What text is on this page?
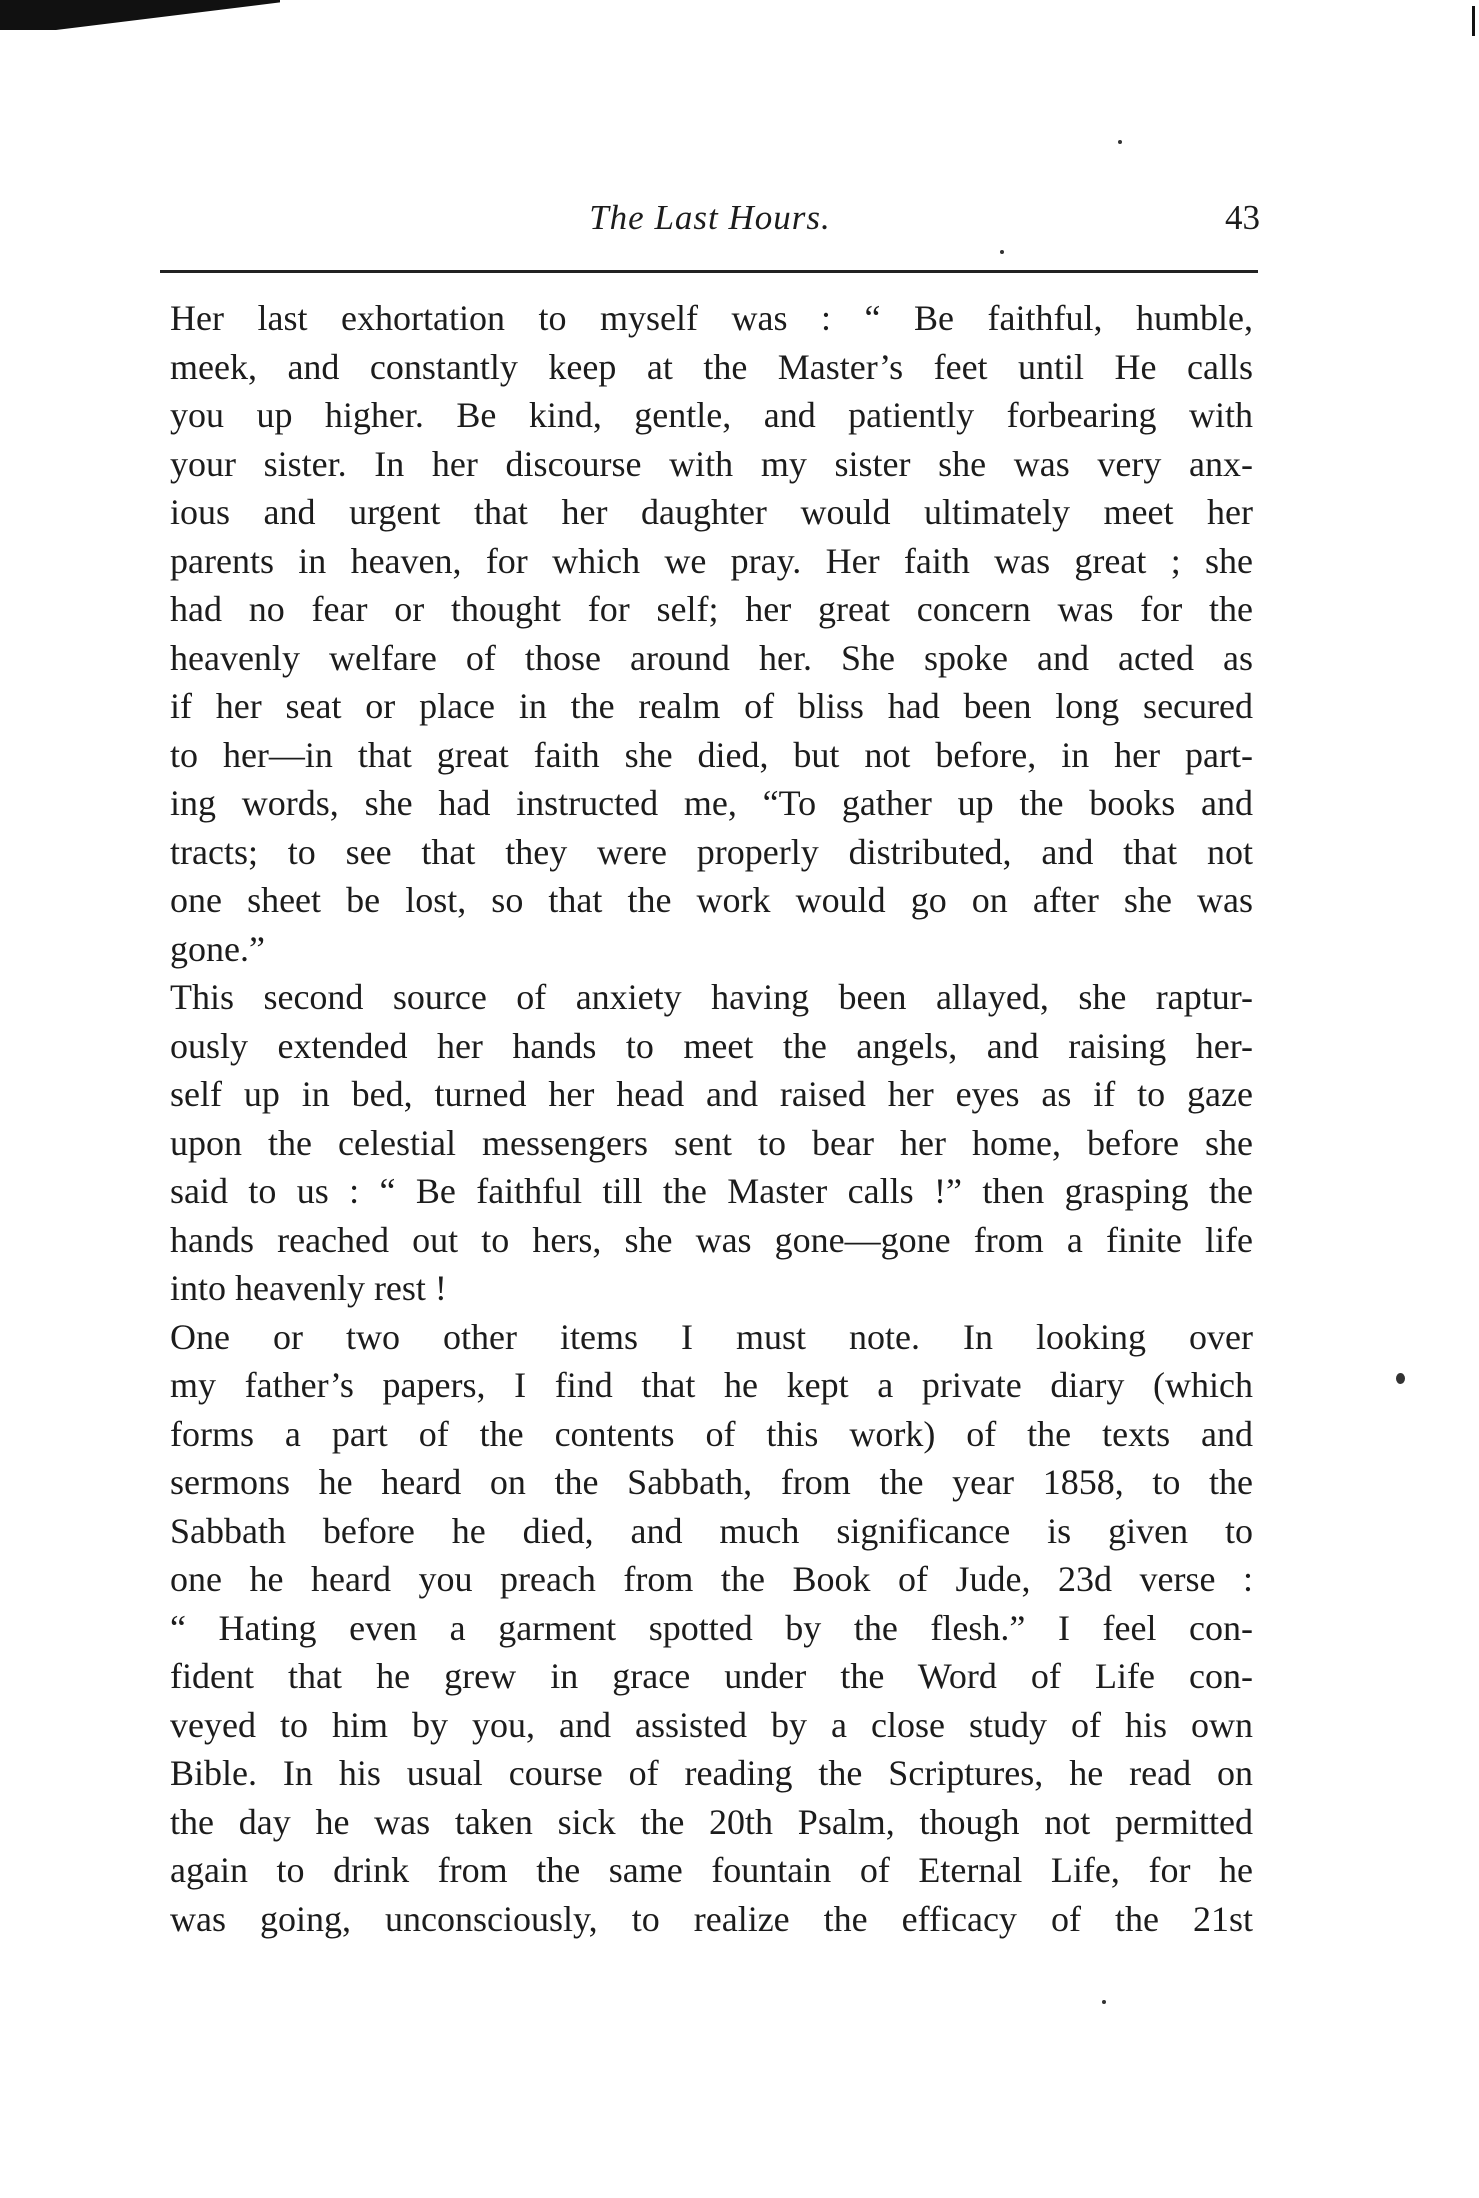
The Last Hours.	43

Her last exhortation to myself was : “ Be faithful, humble,
meek, and constantly keep at the Master’s feet until He calls
you up higher. Be kind, gentle, and patiently forbearing with
your sister. In her discourse with my sister she was very anx-
ious and urgent that her daughter would ultimately meet her
parents in heaven, for which we pray. Her faith was great ; she
had no fear or thought for self; her great concern was for the
heavenly welfare of those around her. She spoke and acted as
if her seat or place in the realm of bliss had been long secured
to her—in that great faith she died, but not before, in her part-
ing words, she had instructed me, “To gather up the books and
tracts; to see that they were properly distributed, and that not
one sheet be lost, so that the work would go on after she was
gone.”

This second source of anxiety having been allayed, she raptur-
ously extended her hands to meet the angels, and raising her-
self up in bed, turned her head and raised her eyes as if to gaze
upon the celestial messengers sent to bear her home, before she
said to us : “ Be faithful till the Master calls !” then grasping the
hands reached out to hers, she was gone—gone from a finite life
into heavenly rest !

One or two other items I must note. In looking over
my father’s papers, I find that he kept a private diary (which
forms a part of the contents of this work) of the texts and
sermons he heard on the Sabbath, from the year 1858, to the
Sabbath before he died, and much significance is given to
one he heard you preach from the Book of Jude, 23d verse :
“ Hating even a garment spotted by the flesh.” I feel con-
fident that he grew in grace under the Word of Life con-
veyed to him by you, and assisted by a close study of his own
Bible. In his usual course of reading the Scriptures, he read on
the day he was taken sick the 20th Psalm, though not permitted
again to drink from the same fountain of Eternal Life, for he
was going, unconsciously, to realize the efficacy of the 21st
